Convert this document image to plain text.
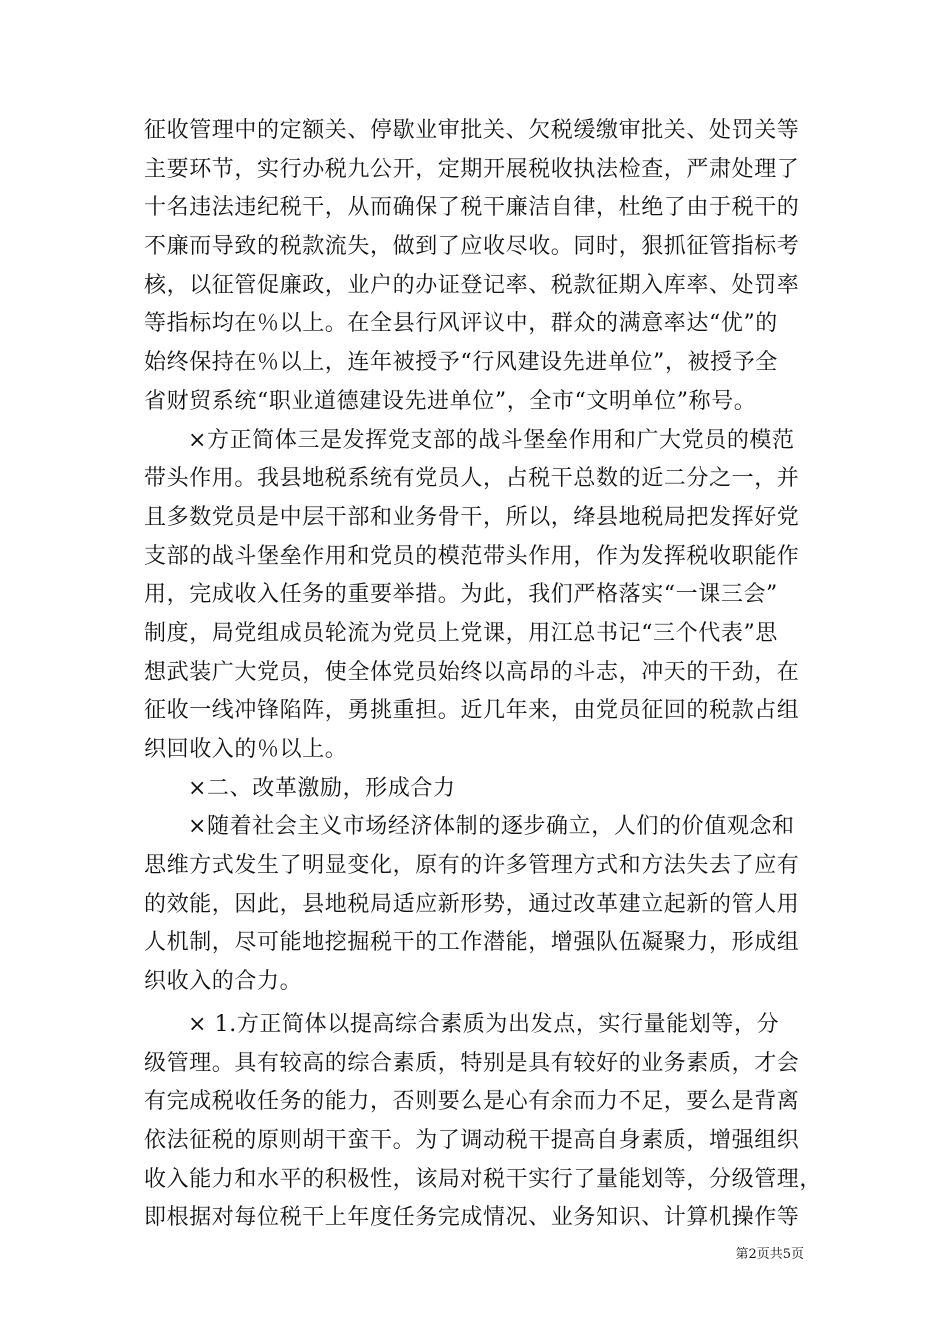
征收管理中的定额关、停歇业审批关、欠税缓缴审批关、处罚关等
主要环节，实行办税九公开，定期开展税收执法检查，严肃处理了
十名违法违纪税干，从而确保了税干廉洁自律，杜绝了由于税干的
不廉而导致的税款流失，做到了应收尽收。同时，狠抓征管指标考
核，以征管促廉政，业户的办证登记率、税款征期入库率、处罚率
等指标均在％以上。在全县行风评议中，群众的满意率达“优”的
始终保持在％以上，连年被授予“行风建设先进单位”，被授予全
省财贸系统“职业道德建设先进单位”，全市“文明单位”称号。
×方正简体三是发挥党支部的战斗堡垒作用和广大党员的模范
带头作用。我县地税系统有党员人，占税干总数的近二分之一，并
且多数党员是中层干部和业务骨干，所以，绛县地税局把发挥好党
支部的战斗堡垒作用和党员的模范带头作用，作为发挥税收职能作
用，完成收入任务的重要举措。为此，我们严格落实“一课三会”
制度，局党组成员轮流为党员上党课，用江总书记“三个代表”思
想武装广大党员，使全体党员始终以高昂的斗志，冲天的干劲，在
征收一线冲锋陷阵，勇挑重担。近几年来，由党员征回的税款占组
织回收入的％以上。
×二、改革激励，形成合力
×随着社会主义市场经济体制的逐步确立，人们的价值观念和
思维方式发生了明显变化，原有的许多管理方式和方法失去了应有
的效能，因此，县地税局适应新形势，通过改革建立起新的管人用
人机制，尽可能地挖掘税干的工作潜能，增强队伍凝聚力，形成组
织收入的合力。
× 1.方正简体以提高综合素质为出发点，实行量能划等，分
级管理。具有较高的综合素质，特别是具有较好的业务素质，才会
有完成税收任务的能力，否则要么是心有余而力不足，要么是背离
依法征税的原则胡干蛮干。为了调动税干提高自身素质，增强组织
收入能力和水平的积极性，该局对税干实行了量能划等，分级管理，
即根据对每位税干上年度任务完成情况、业务知识、计算机操作等
第2页共5页
